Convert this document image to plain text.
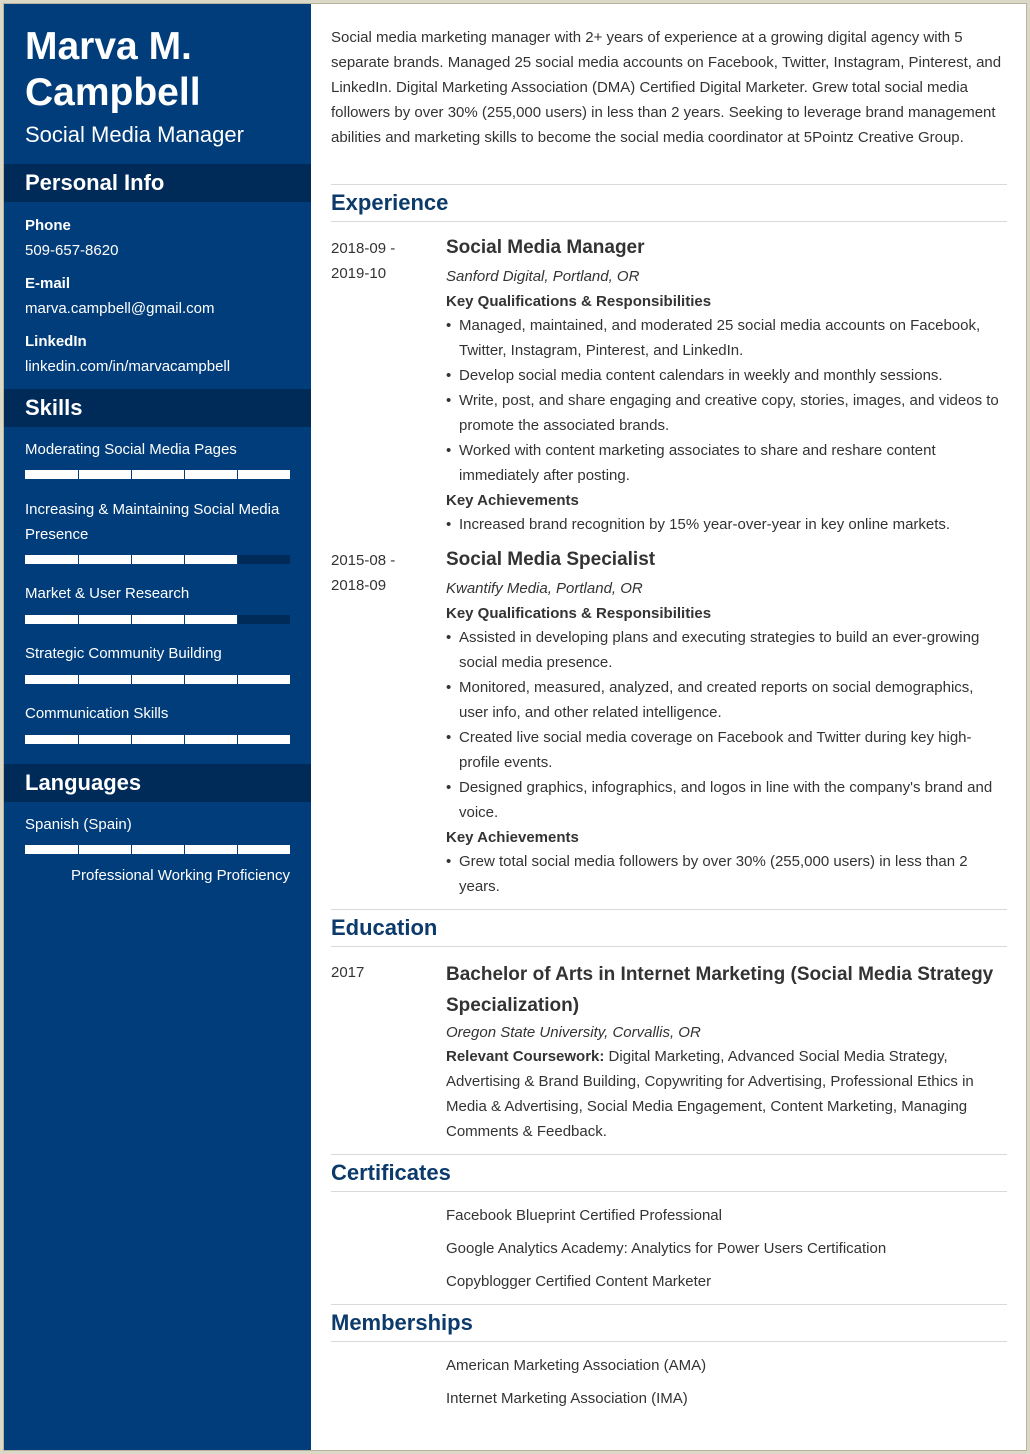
Marva M.
Campbell
Social Media Manager
Personal Info
Phone
509-657-8620
E-mail
marva.campbell@gmail.com
LinkedIn
linkedin.com/in/marvacampbell
Skills
Moderating Social Media Pages
Increasing & Maintaining Social Media Presence
Market & User Research
Strategic Community Building
Communication Skills
Languages
Spanish (Spain)
Professional Working Proficiency
Social media marketing manager with 2+ years of experience at a growing digital agency with 5 separate brands. Managed 25 social media accounts on Facebook, Twitter, Instagram, Pinterest, and LinkedIn. Digital Marketing Association (DMA) Certified Digital Marketer. Grew total social media followers by over 30% (255,000 users) in less than 2 years. Seeking to leverage brand management abilities and marketing skills to become the social media coordinator at 5Pointz Creative Group.
Experience
2018-09 -
2019-10
Social Media Manager
Sanford Digital, Portland, OR
Key Qualifications & Responsibilities
• Managed, maintained, and moderated 25 social media accounts on Facebook, Twitter, Instagram, Pinterest, and LinkedIn.
• Develop social media content calendars in weekly and monthly sessions.
• Write, post, and share engaging and creative copy, stories, images, and videos to promote the associated brands.
• Worked with content marketing associates to share and reshare content immediately after posting.
Key Achievements
• Increased brand recognition by 15% year-over-year in key online markets.
2015-08 -
2018-09
Social Media Specialist
Kwantify Media, Portland, OR
Key Qualifications & Responsibilities
• Assisted in developing plans and executing strategies to build an ever-growing social media presence.
• Monitored, measured, analyzed, and created reports on social demographics, user info, and other related intelligence.
• Created live social media coverage on Facebook and Twitter during key high-profile events.
• Designed graphics, infographics, and logos in line with the company's brand and voice.
Key Achievements
• Grew total social media followers by over 30% (255,000 users) in less than 2 years.
Education
2017	Bachelor of Arts in Internet Marketing (Social Media Strategy Specialization)
Oregon State University, Corvallis, OR
Relevant Coursework: Digital Marketing, Advanced Social Media Strategy, Advertising & Brand Building, Copywriting for Advertising, Professional Ethics in Media & Advertising, Social Media Engagement, Content Marketing, Managing Comments & Feedback.
Certificates
Facebook Blueprint Certified Professional
Google Analytics Academy: Analytics for Power Users Certification
Copyblogger Certified Content Marketer
Memberships
American Marketing Association (AMA)
Internet Marketing Association (IMA)
